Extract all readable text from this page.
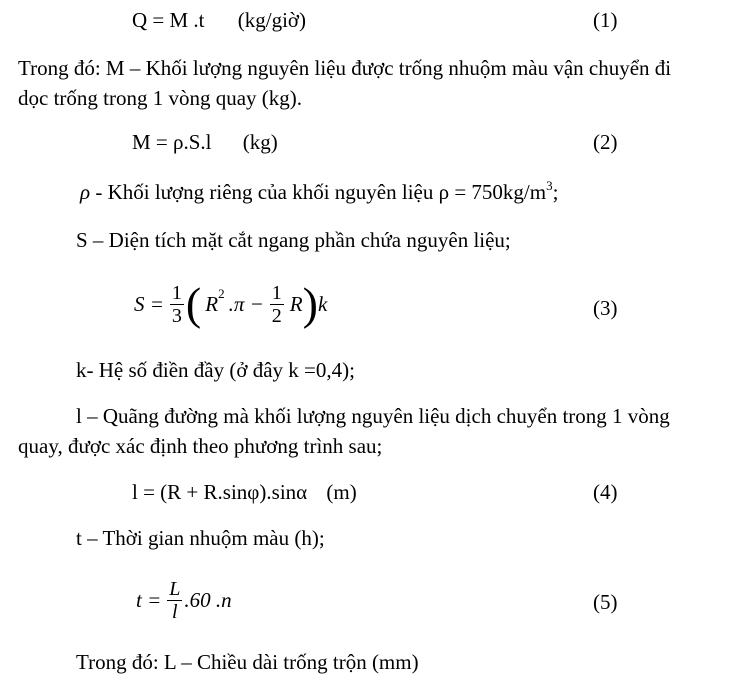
Q = M .t (kg/giờ)	(1)
Trong đó: M – Khối lượng nguyên liệu được trống nhuộm màu vận chuyển đi
dọc trống trong 1 vòng quay (kg).
M = ρ.S.l (kg)	(2)
ρ - Khối lượng riêng của khối nguyên liệu $\rho = 750kg/m^3$;
S – Diện tích mặt cắt ngang phần chứa nguyên liệu;
$S = \frac{1}{3}$ ( $R^2$ $.\pi - \frac{1}{2}$ R ) k	(3)
k- Hệ số điền đầy (ở đây k =0,4);
l – Quãng đường mà khối lượng nguyên liệu dịch chuyển trong 1 vòng
quay, được xác định theo phương trình sau;
l = (R + R.sinφ).sinα (m)	(4)
t – Thời gian nhuộm màu (h);
$t = \frac{L}{l} .60$ .n	(5)
Trong đó: L – Chiều dài trống trộn (mm)
